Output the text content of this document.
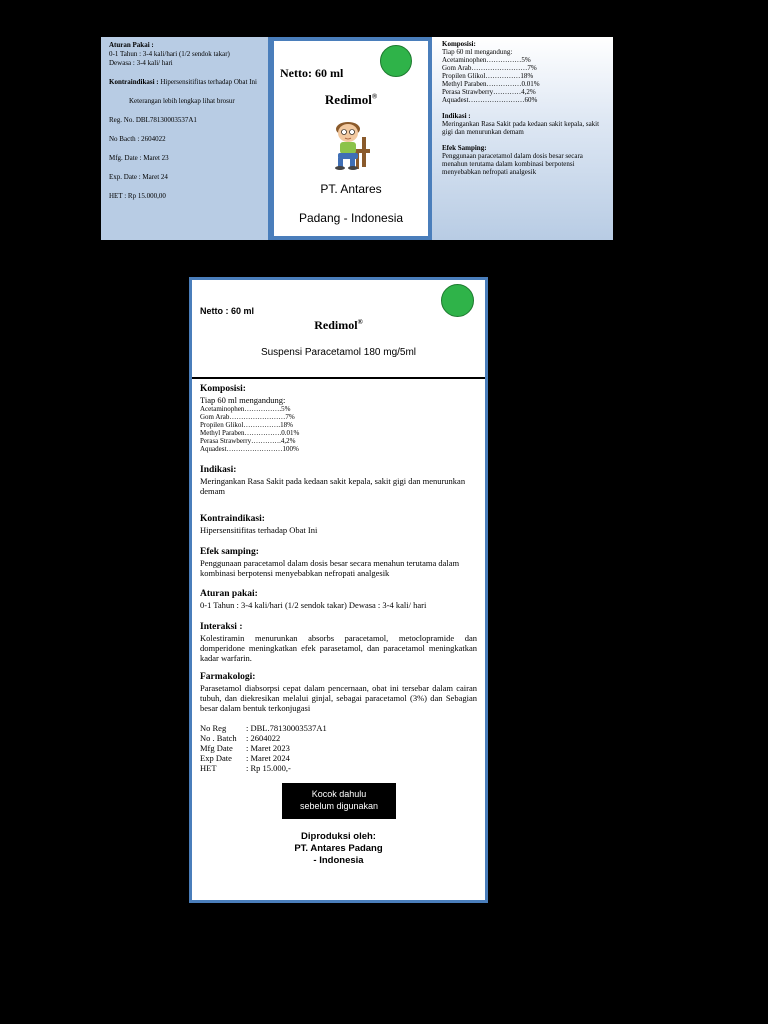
Aturan Pakai :

0-1 Tahun : 3-4 kali/hari (1/2 sendok takar)

Dewasa : 3-4 kali/ hari

Kontraindikasi : Hipersensitifitas terhadap Obat Ini

Keterangan lebih lengkap lihat brosur

Reg. No. DBL78130003537A1

No Bacth : 2604022

Mfg. Date : Maret 23

Exp. Date : Maret 24

HET : Rp 15.000,00

Netto: 60 ml
Redimol®
PT. Antares
Padang - Indonesia

Komposisi:

Tiap 60 ml mengandung:

Acetaminophen……………5%

Gom Arab……………………7%

Propilen Glikol……………18%

Methyl Paraben……………0.01%

Perasa Strawberry…………4,2%

Aquadest……………………60%

Indikasi :

Meringankan Rasa Sakit pada kedaan sakit kepala, sakit gigi dan menurunkan demam

Efek Samping:

Penggunaan paracetamol dalam dosis besar secara menahun terutama dalam kombinasi berpotensi menyebabkan nefropati analgesik

Netto : 60 ml
Redimol®
Suspensi Paracetamol 180 mg/5ml

Komposisi:

Tiap 60 ml mengandung:

Acetaminophen…………….5%

Gom Arab……………………7%

Propilen Glikol…………….18%

Methyl Paraben…………….0.01%

Perasa Strawberry………….4,2%

Aquadest……………………100%

Indikasi:

Meringankan Rasa Sakit pada kedaan sakit kepala, sakit gigi dan menurunkan demam

Kontraindikasi:

Hipersensitifitas terhadap Obat Ini

Efek samping:

Penggunaan paracetamol dalam dosis besar secara menahun terutama dalam kombinasi berpotensi menyebabkan nefropati analgesik

Aturan pakai:

0-1 Tahun : 3-4 kali/hari (1/2 sendok takar) Dewasa : 3-4 kali/ hari

Interaksi :

Kolestiramin menurunkan absorbs paracetamol, metoclopramide dan domperidone meningkatkan efek parasetamol, dan paracetamol meningkatkan kadar warfarin.

Farmakologi:

Parasetamol diabsorpsi cepat dalam pencernaan, obat ini tersebar dalam cairan tubuh, dan diekresikan melalui ginjal, sebagai paracetamol (3%) dan Sebagian besar dalam bentuk terkonjugasi

No Reg	: DBL.78130003537A1
No . Batch	: 2604022
Mfg Date	: Maret 2023
Exp Date	: Maret 2024
HET	: Rp 15.000,-
Kocok dahulu
sebelum digunakan
Diproduksi oleh:
PT. Antares Padang
- Indonesia
